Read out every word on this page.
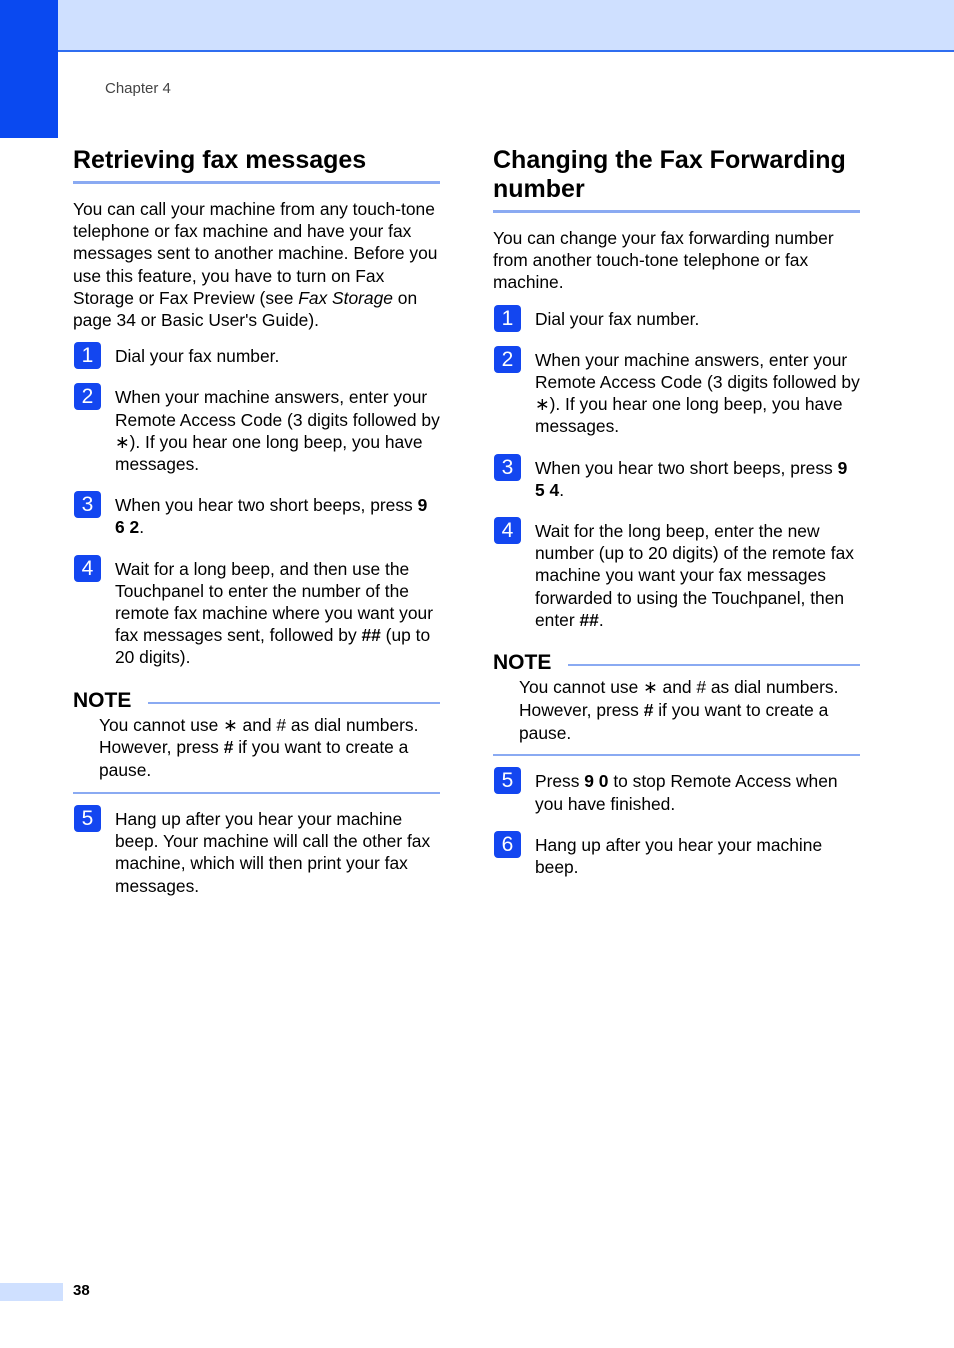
Chapter 4
Retrieving fax messages
You can call your machine from any touch-tone telephone or fax machine and have your fax messages sent to another machine. Before you use this feature, you have to turn on Fax Storage or Fax Preview (see Fax Storage on page 34 or Basic User's Guide).
1	Dial your fax number.
2	When your machine answers, enter your Remote Access Code (3 digits followed by ∗). If you hear one long beep, you have messages.
3	When you hear two short beeps, press 9 6 2.
4	Wait for a long beep, and then use the Touchpanel to enter the number of the remote fax machine where you want your fax messages sent, followed by ## (up to 20 digits).
NOTE
You cannot use ∗ and # as dial numbers. However, press # if you want to create a pause.
5	Hang up after you hear your machine beep. Your machine will call the other fax machine, which will then print your fax messages.
Changing the Fax Forwarding number
You can change your fax forwarding number from another touch-tone telephone or fax machine.
1	Dial your fax number.
2	When your machine answers, enter your Remote Access Code (3 digits followed by ∗). If you hear one long beep, you have messages.
3	When you hear two short beeps, press 9 5 4.
4	Wait for the long beep, enter the new number (up to 20 digits) of the remote fax machine you want your fax messages forwarded to using the Touchpanel, then enter ##.
NOTE
You cannot use ∗ and # as dial numbers. However, press # if you want to create a pause.
5	Press 9 0 to stop Remote Access when you have finished.
6	Hang up after you hear your machine beep.
38
